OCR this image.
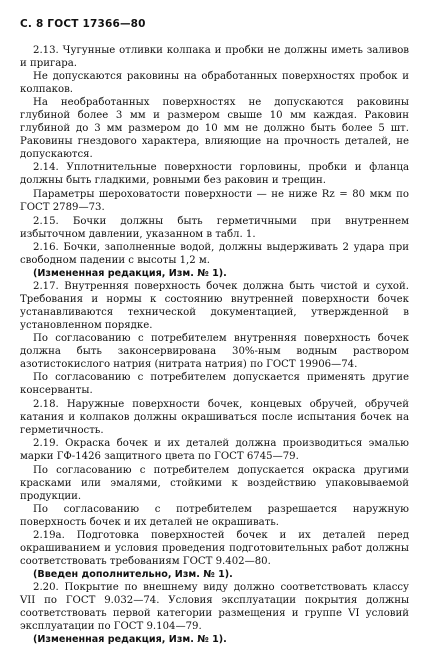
С. 8 ГОСТ 17366—80

2.13. Чугунные отливки колпака и пробки не должны иметь заливов и пригара.

Не допускаются раковины на обработанных поверхностях пробок и колпаков.

На необработанных поверхностях не допускаются раковины глубиной более 3 мм и размером свыше 10 мм каждая. Раковин глубиной до 3 мм размером до 10 мм не должно быть более 5 шт. Раковины гнездового характера, влияющие на прочность деталей, не допускаются.

2.14. Уплотнительные поверхности горловины, пробки и фланца должны быть гладкими, ровными без раковин и трещин.

Параметры шероховатости поверхности — не ниже Rz = 80 мкм по ГОСТ 2789—73.

2.15. Бочки должны быть герметичными при внутреннем избыточном давлении, указанном в табл. 1.

2.16. Бочки, заполненные водой, должны выдерживать 2 удара при свободном падении с высоты 1,2 м.

(Измененная редакция, Изм. № 1).

2.17. Внутренняя поверхность бочек должна быть чистой и сухой. Требования и нормы к состоянию внутренней поверхности бочек устанавливаются технической документацией, утвержденной в установленном порядке.

По согласованию с потребителем внутренняя поверхность бочек должна быть законсервирована 30%-ным водным раствором азотистокислого натрия (нитрата натрия) по ГОСТ 19906—74.

По согласованию с потребителем допускается применять другие консерванты.

2.18. Наружные поверхности бочек, концевых обручей, обручей катания и колпаков должны окрашиваться после испытания бочек на герметичность.

2.19. Окраска бочек и их деталей должна производиться эмалью марки ГФ-1426 защитного цвета по ГОСТ 6745—79.

По согласованию с потребителем допускается окраска другими красками или эмалями, стойкими к воздействию упаковываемой продукции.

По согласованию с потребителем разрешается наружную поверхность бочек и их деталей не окрашивать.

2.19а. Подготовка поверхностей бочек и их деталей перед окрашиванием и условия проведения подготовительных работ должны соответствовать требованиям ГОСТ 9.402—80.

(Введен дополнительно, Изм. № 1).

2.20. Покрытие по внешнему виду должно соответствовать классу VII по ГОСТ 9.032—74. Условия эксплуатации покрытия должны соответствовать первой категории размещения и группе VI условий эксплуатации по ГОСТ 9.104—79.

(Измененная редакция, Изм. № 1).
